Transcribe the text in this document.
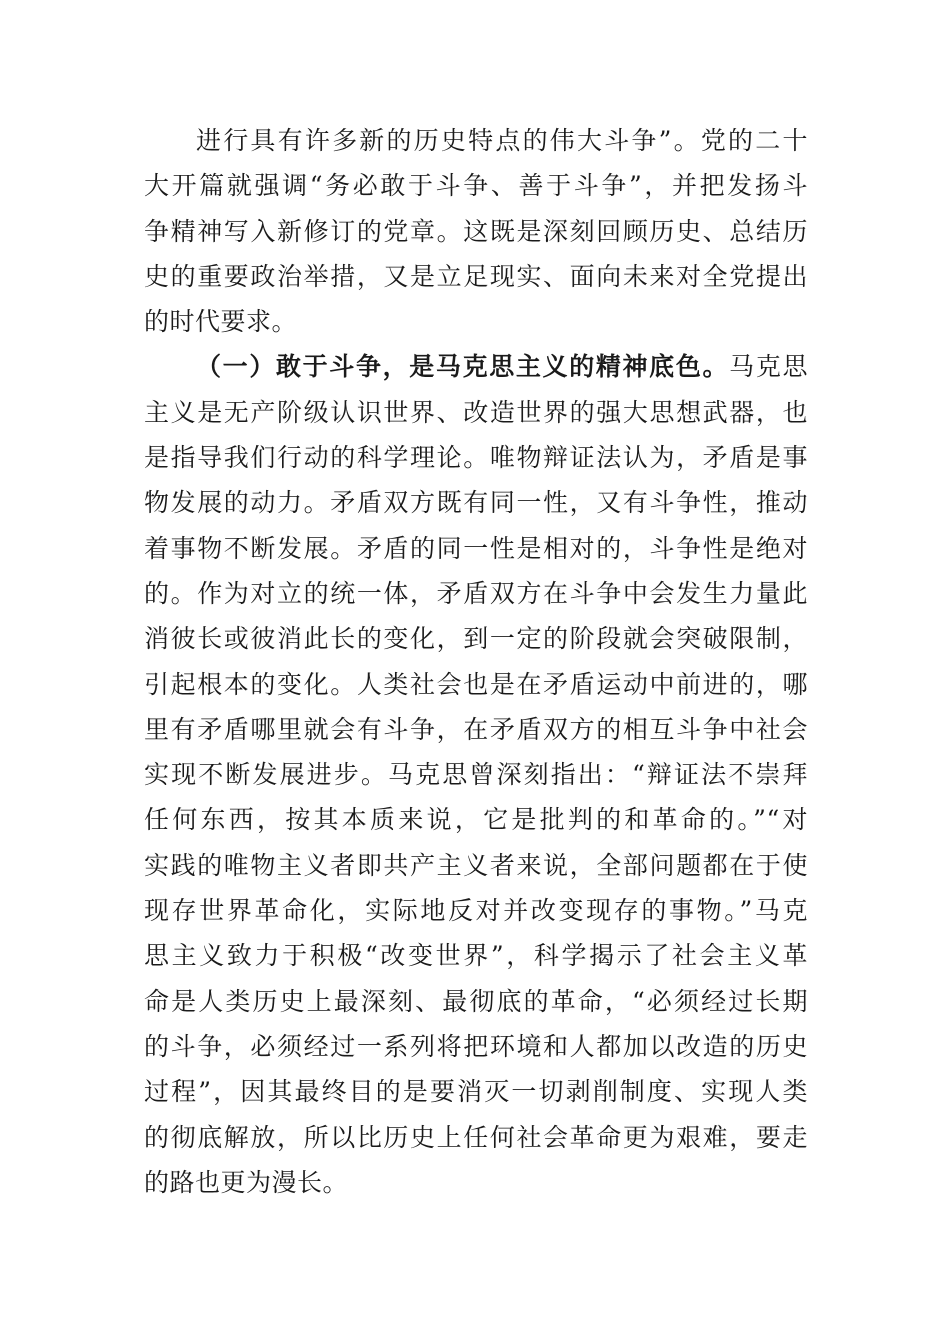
进行具有许多新的历史特点的伟大斗争”。党的二十
大开篇就强调“务必敢于斗争、善于斗争”，并把发扬斗
争精神写入新修订的党章。这既是深刻回顾历史、总结历
史的重要政治举措，又是立足现实、面向未来对全党提出
的时代要求。
（一）敢于斗争，是马克思主义的精神底色。马克思
主义是无产阶级认识世界、改造世界的强大思想武器，也
是指导我们行动的科学理论。唯物辩证法认为，矛盾是事
物发展的动力。矛盾双方既有同一性，又有斗争性，推动
着事物不断发展。矛盾的同一性是相对的，斗争性是绝对
的。作为对立的统一体，矛盾双方在斗争中会发生力量此
消彼长或彼消此长的变化，到一定的阶段就会突破限制，
引起根本的变化。人类社会也是在矛盾运动中前进的，哪
里有矛盾哪里就会有斗争，在矛盾双方的相互斗争中社会
实现不断发展进步。马克思曾深刻指出：“辩证法不崇拜
任何东西，按其本质来说，它是批判的和革命的。”“对
实践的唯物主义者即共产主义者来说，全部问题都在于使
现存世界革命化，实际地反对并改变现存的事物。”马克
思主义致力于积极“改变世界”，科学揭示了社会主义革
命是人类历史上最深刻、最彻底的革命，“必须经过长期
的斗争，必须经过一系列将把环境和人都加以改造的历史
过程”，因其最终目的是要消灭一切剥削制度、实现人类
的彻底解放，所以比历史上任何社会革命更为艰难，要走
的路也更为漫长。
